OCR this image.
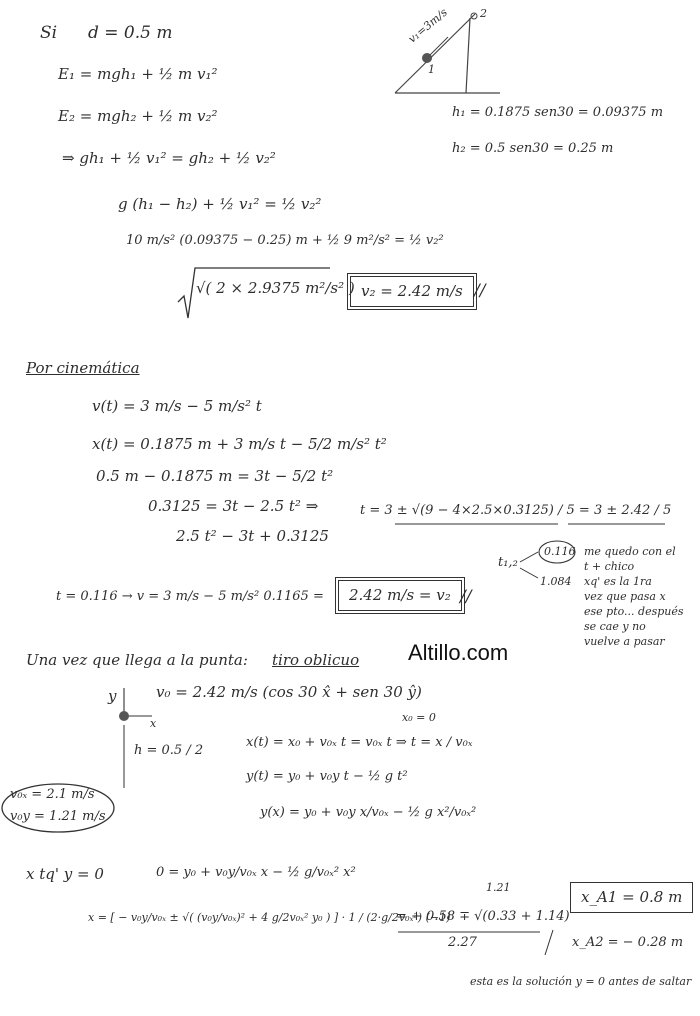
Si d = 0.5 m	v₁=3m/s
1
2
h₁ = 0.1875 sen30 = 0.09375 m
h₂ = 0.5 sen30 = 0.25 m
E₁ = mgh₁ + ½ m v₁²
E₂ = mgh₂ + ½ m v₂²
⇒ gh₁ + ½ v₁² = gh₂ + ½ v₂²
g (h₁ − h₂) + ½ v₁² = ½ v₂²
10 m/s² (0.09375 − 0.25) m + ½ 9 m²/s² = ½ v₂²
√( 2 × 2.9375 m²/s² ) v₂ = 2.42 m/s //
Por cinemática
v(t) = 3 m/s − 5 m/s² t
x(t) = 0.1875 m + 3 m/s t − 5/2 m/s² t²
0.5 m − 0.1875 m = 3t − 5/2 t²
0.3125 = 3t − 2.5 t² ⇒
2.5 t² − 3t + 0.3125
t = 3 ± √(9 − 4×2.5×0.3125) / 5 = 3 ± 2.42 / 5
t₁,₂
0.116
1.084
me quedo con el
t + chico
xq' es la 1ra
vez que pasa x
ese pto... después
se cae y no
vuelve a pasar
t = 0.116 → v = 3 m/s − 5 m/s² 0.1165 =	2.42 m/s = v₂ //
Una vez que llega a la punta: tiro oblicuo
y
x
v₀ = 2.42 m/s (cos 30 x̂ + sen 30 ŷ)
h = 0.5 / 2
x₀ = 0
x(t) = x₀ + v₀ₓ t = v₀ₓ t ⇒ t = x / v₀ₓ
y(t) = y₀ + v₀y t − ½ g t²
y(x) = y₀ + v₀y x/v₀ₓ − ½ g x²/v₀ₓ²
v₀ₓ = 2.1 m/s
v₀y = 1.21 m/s
x tq' y = 0	0 = y₀ + v₀y/v₀ₓ x − ½ g/v₀ₓ² x²
x = [ − v₀y/v₀ₓ ± √( (v₀y/v₀ₓ)² + 4 g/2v₀ₓ² y₀ ) ] · 1 / (2·g/2v₀ₓ²) (−1)
1.21
= + 0.58 ∓ √(0.33 + 1.14)
2.27
x_A1 = 0.8 m
x_A2 = − 0.28 m
esta es la solución y = 0 antes de saltar
Altillo.com
